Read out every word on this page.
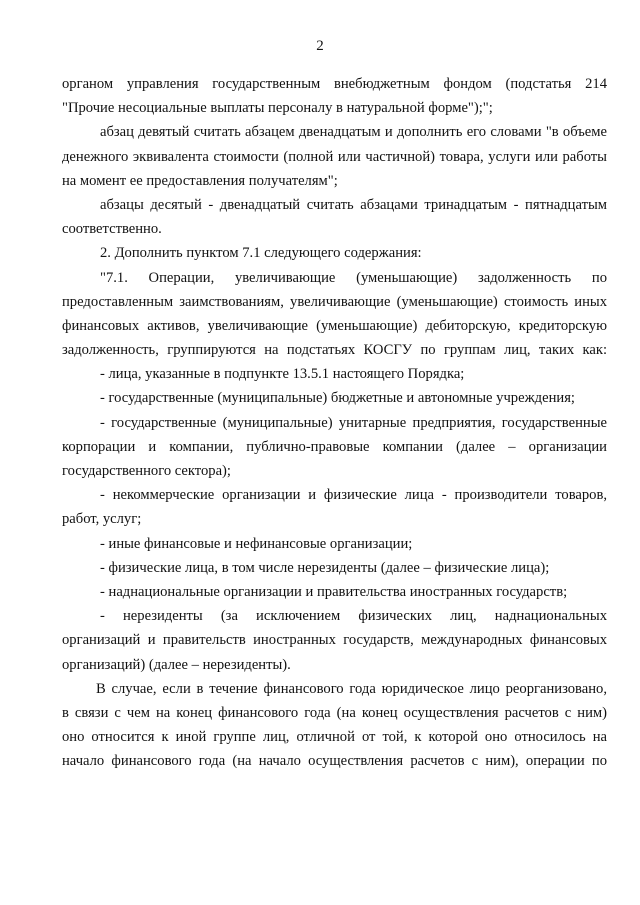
2
органом управления государственным внебюджетным фондом (подстатья 214
"Прочие несоциальные выплаты персоналу в натуральной форме");";
абзац девятый считать абзацем двенадцатым и дополнить его словами "в объеме
денежного эквивалента стоимости (полной или частичной) товара, услуги или работы
на момент ее предоставления получателям";
абзацы десятый - двенадцатый считать абзацами тринадцатым - пятнадцатым
соответственно.
2. Дополнить пунктом 7.1 следующего содержания:
"7.1. Операции, увеличивающие (уменьшающие) задолженность по
предоставленным заимствованиям, увеличивающие (уменьшающие) стоимость иных
финансовых активов, увеличивающие (уменьшающие) дебиторскую, кредиторскую
задолженность, группируются на подстатьях КОСГУ по группам лиц, таких как:
- лица, указанные в подпункте 13.5.1 настоящего Порядка;
- государственные (муниципальные) бюджетные и автономные учреждения;
- государственные (муниципальные) унитарные предприятия, государственные
корпорации и компании, публично-правовые компании (далее – организации
государственного сектора);
- некоммерческие организации и физические лица - производители товаров,
работ, услуг;
- иные финансовые и нефинансовые организации;
- физические лица, в том числе нерезиденты (далее – физические лица);
- наднациональные организации и правительства иностранных государств;
- нерезиденты (за исключением физических лиц, наднациональных
организаций и правительств иностранных государств, международных финансовых
организаций) (далее – нерезиденты).
В случае, если в течение финансового года юридическое лицо реорганизовано,
в связи с чем на конец финансового года (на конец осуществления расчетов с ним)
оно относится к иной группе лиц, отличной от той, к которой оно относилось на
начало финансового года (на начало осуществления расчетов с ним), операции по
